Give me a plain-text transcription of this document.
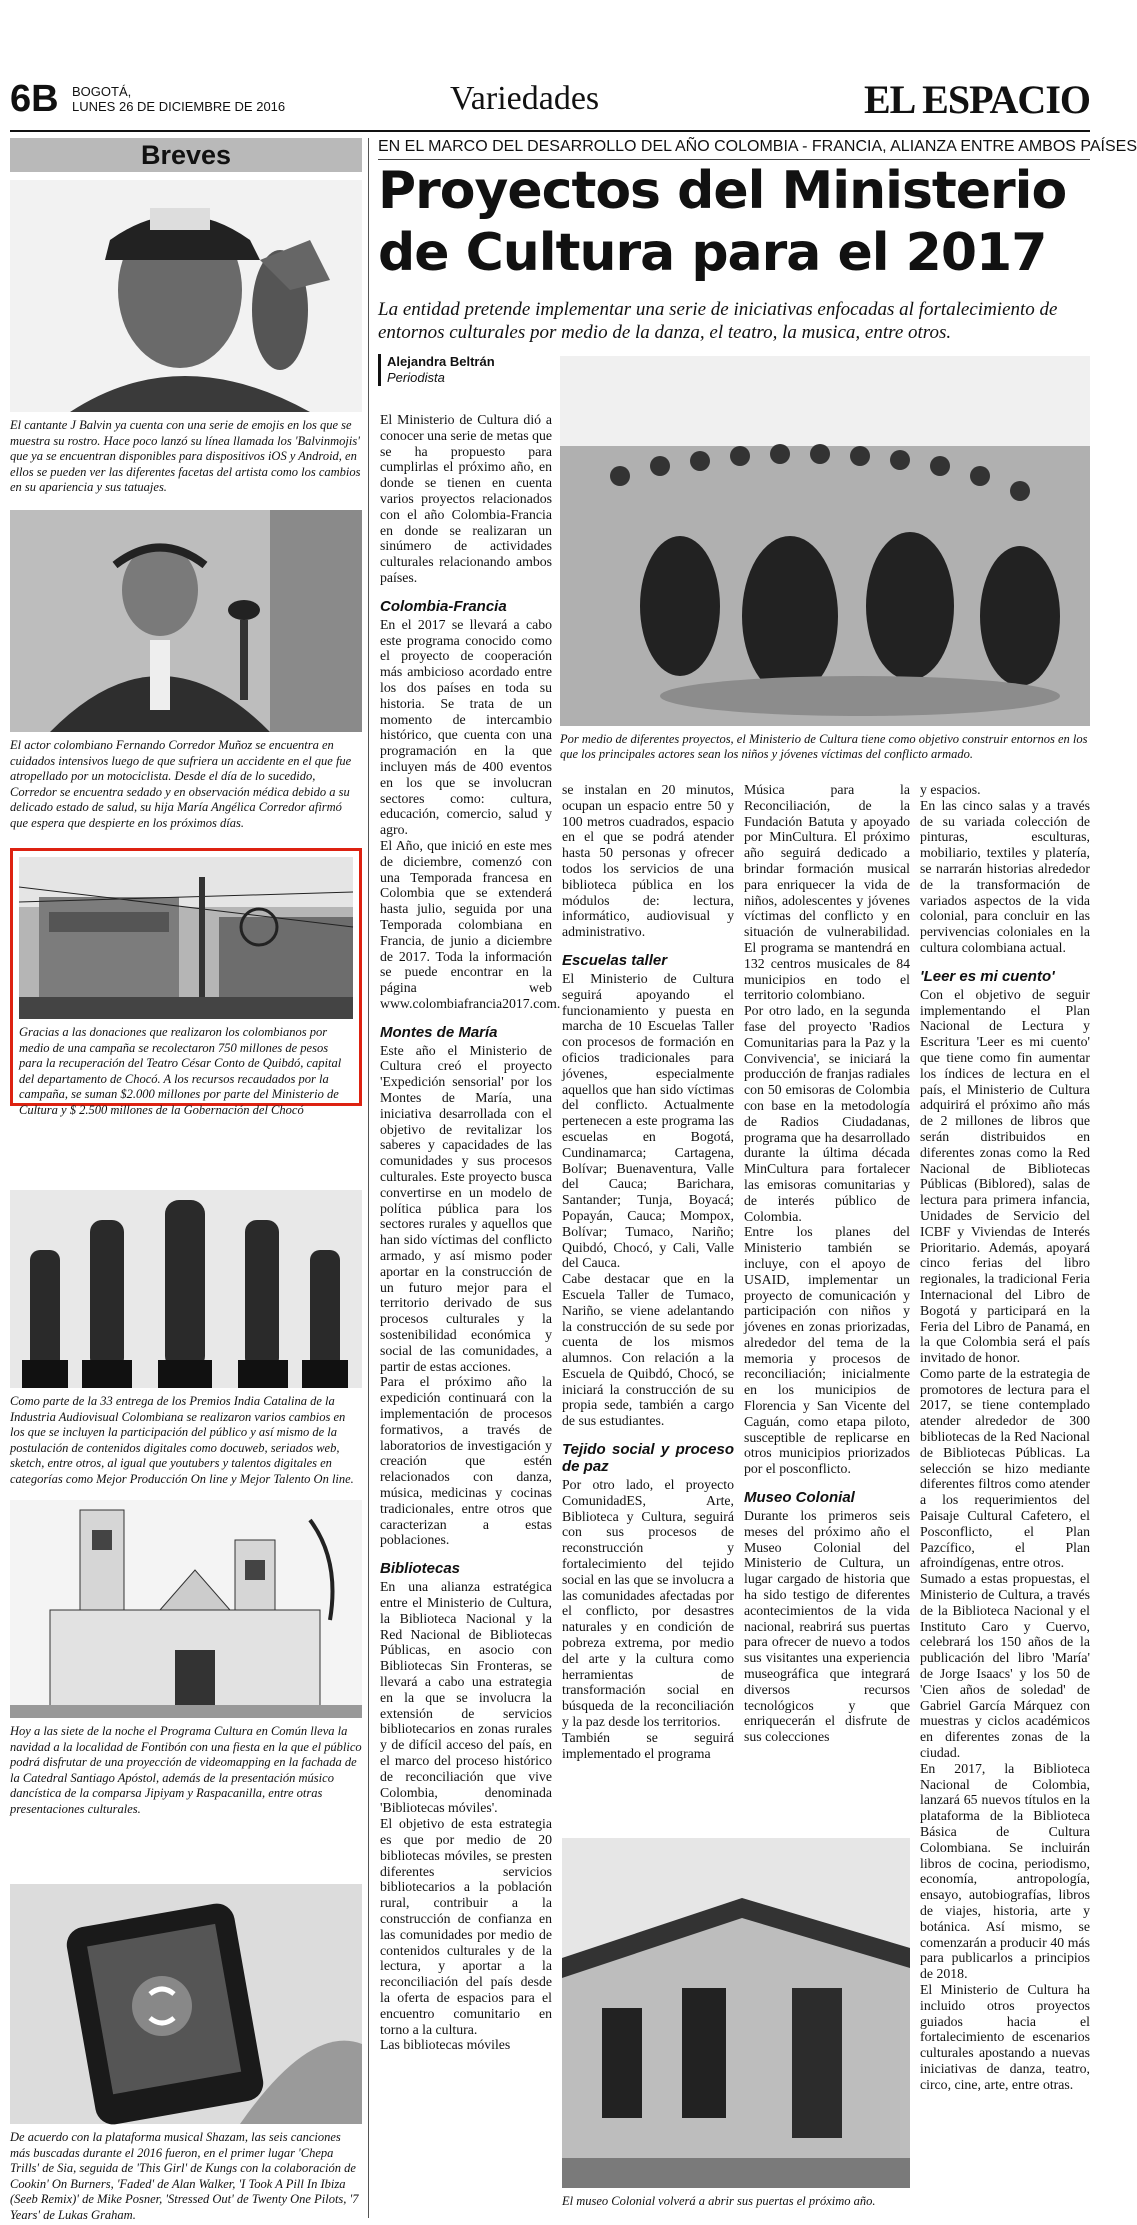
6B BOGOTÁ,
LUNES 26 DE DICIEMBRE DE 2016	Variedades	EL ESPACIO
Breves
El cantante J Balvin ya cuenta con una serie de emojis en los que se muestra su rostro. Hace poco lanzó su línea llamada los 'Balvinmojis' que ya se encuentran disponibles para dispositivos iOS y Android, en ellos se pueden ver las diferentes facetas del artista como los cambios en su apariencia y sus tatuajes.
El actor colombiano Fernando Corredor Muñoz se encuentra en cuidados intensivos luego de que sufriera un accidente en el que fue atropellado por un motociclista. Desde el día de lo sucedido, Corredor se encuentra sedado y en observación médica debido a su delicado estado de salud, su hija María Angélica Corredor afirmó que espera que despierte en los próximos días.
Gracias a las donaciones que realizaron los colombianos por medio de una campaña se recolectaron 750 millones de pesos para la recuperación del Teatro César Conto de Quibdó, capital del departamento de Chocó. A los recursos recaudados por la campaña, se suman $2.000 millones por parte del Ministerio de Cultura y $ 2.500 millones de la Gobernación del Chocó
Como parte de la 33 entrega de los Premios India Catalina de la Industria Audiovisual Colombiana se realizaron varios cambios en los que se incluyen la participación del público y así mismo de la postulación de contenidos digitales como docuweb, seriados web, sketch, entre otros, al igual que youtubers y talentos digitales en categorías como Mejor Producción On line y Mejor Talento On line.
Hoy a las siete de la noche el Programa Cultura en Común lleva la navidad a la localidad de Fontibón con una fiesta en la que el público podrá disfrutar de una proyección de videomapping en la fachada de la Catedral Santiago Apóstol, además de la presentación músico dancística de la comparsa Jipiyam y Raspacanilla, entre otras presentaciones culturales.
De acuerdo con la plataforma musical Shazam, las seis canciones más buscadas durante el 2016 fueron, en el primer lugar 'Chepa Trills' de Sia, seguida de 'This Girl' de Kungs con la colaboración de Cookin' On Burners, 'Faded' de Alan Walker, 'I Took A Pill In Ibiza (Seeb Remix)' de Mike Posner, 'Stressed Out' de Twenty One Pilots, '7 Years' de Lukas Graham.
EN EL MARCO DEL DESARROLLO DEL AÑO COLOMBIA - FRANCIA, ALIANZA ENTRE AMBOS PAÍSES
Proyectos del Ministerio de Cultura para el 2017
La entidad pretende implementar una serie de iniciativas enfocadas al fortalecimiento de entornos culturales por medio de la danza, el teatro, la musica, entre otros.
Alejandra Beltrán
Periodista
Por medio de diferentes proyectos, el Ministerio de Cultura tiene como objetivo construir entornos en los que los principales actores sean los niños y jóvenes víctimas del conflicto armado.

El Ministerio de Cultura dió a conocer una serie de metas que se ha propuesto para cumplirlas el próximo año, en donde se tienen en cuenta varios proyectos relacionados con el año Colombia-Francia en donde se realizaran un sinúmero de actividades culturales relacionando ambos países.

Colombia-Francia

En el 2017 se llevará a cabo este programa conocido como el proyecto de cooperación más ambicioso acordado entre los dos países en toda su historia. Se trata de un momento de intercambio histórico, que cuenta con una programación en la que incluyen más de 400 eventos en los que se involucran sectores como: cultura, educación, comercio, salud y agro.

El Año, que inició en este mes de diciembre, comenzó con una Temporada francesa en Colombia que se extenderá hasta julio, seguida por una Temporada colombiana en Francia, de junio a diciembre de 2017. Toda la información se puede encontrar en la página web www.colombiafrancia2017.com.

Montes de María

Este año el Ministerio de Cultura creó el proyecto 'Expedición sensorial' por los Montes de María, una iniciativa desarrollada con el objetivo de revitalizar los saberes y capacidades de las comunidades y sus procesos culturales. Este proyecto busca convertirse en un modelo de política pública para los sectores rurales y aquellos que han sido víctimas del conflicto armado, y así mismo poder aportar en la construcción de un futuro mejor para el territorio derivado de sus procesos culturales y la sostenibilidad económica y social de las comunidades, a partir de estas acciones.

Para el próximo año la expedición continuará con la implementación de procesos formativos, a través de laboratorios de investigación y creación que estén relacionados con danza, música, medicinas y cocinas tradicionales, entre otros que caracterizan a estas poblaciones.

Bibliotecas

En una alianza estratégica entre el Ministerio de Cultura, la Biblioteca Nacional y la Red Nacional de Bibliotecas Públicas, en asocio con Bibliotecas Sin Fronteras, se llevará a cabo una estrategia en la que se involucra la extensión de servicios bibliotecarios en zonas rurales y de difícil acceso del país, en el marco del proceso histórico de reconciliación que vive Colombia, denominada 'Bibliotecas móviles'.

El objetivo de esta estrategia es que por medio de 20 bibliotecas móviles, se presten diferentes servicios bibliotecarios a la población rural, contribuir a la construcción de confianza en las comunidades por medio de contenidos culturales y de la lectura, y aportar a la reconciliación del país desde la oferta de espacios para el encuentro comunitario en torno a la cultura.

Las bibliotecas móviles

se instalan en 20 minutos, ocupan un espacio entre 50 y 100 metros cuadrados, espacio en el que se podrá atender hasta 50 personas y ofrecer todos los servicios de una biblioteca pública en los módulos de: lectura, informático, audiovisual y administrativo.

Escuelas taller

El Ministerio de Cultura seguirá apoyando el funcionamiento y puesta en marcha de 10 Escuelas Taller con procesos de formación en oficios tradicionales para jóvenes, especialmente aquellos que han sido víctimas del conflicto. Actualmente pertenecen a este programa las escuelas en Bogotá, Cundinamarca; Cartagena, Bolívar; Buenaventura, Valle del Cauca; Barichara, Santander; Tunja, Boyacá; Popayán, Cauca; Mompox, Bolívar; Tumaco, Nariño; Quibdó, Chocó, y Cali, Valle del Cauca.

Cabe destacar que en la Escuela Taller de Tumaco, Nariño, se viene adelantando la construcción de su sede por cuenta de los mismos alumnos. Con relación a la Escuela de Quibdó, Chocó, se iniciará la construcción de su propia sede, también a cargo de sus estudiantes.

Tejido social y proceso de paz

Por otro lado, el proyecto ComunidadES, Arte, Biblioteca y Cultura, seguirá con sus procesos de reconstrucción y fortalecimiento del tejido social en las que se involucra a las comunidades afectadas por el conflicto, por desastres naturales y en condición de pobreza extrema, por medio del arte y la cultura como herramientas de transformación social en búsqueda de la reconciliación y la paz desde los territorios.

También se seguirá implementado el programa

Música para la Reconciliación, de la Fundación Batuta y apoyado por MinCultura. El próximo año seguirá dedicado a brindar formación musical para enriquecer la vida de niños, adolescentes y jóvenes víctimas del conflicto y en situación de vulnerabilidad. El programa se mantendrá en 132 centros musicales de 84 municipios en todo el territorio colombiano.

Por otro lado, en la segunda fase del proyecto 'Radios Comunitarias para la Paz y la Convivencia', se iniciará la producción de franjas radiales con 50 emisoras de Colombia con base en la metodología de Radios Ciudadanas, programa que ha desarrollado durante la última década MinCultura para fortalecer las emisoras comunitarias y de interés público de Colombia.

Entre los planes del Ministerio también se incluye, con el apoyo de USAID, implementar un proyecto de comunicación y participación con niños y jóvenes en zonas priorizadas, alrededor del tema de la memoria y procesos de reconciliación; inicialmente en los municipios de Florencia y San Vicente del Caguán, como etapa piloto, susceptible de replicarse en otros municipios priorizados por el posconflicto.

Museo Colonial

Durante los primeros seis meses del próximo año el Museo Colonial del Ministerio de Cultura, un lugar cargado de historia que ha sido testigo de diferentes acontecimientos de la vida nacional, reabrirá sus puertas para ofrecer de nuevo a todos sus visitantes una experiencia museográfica que integrará diversos recursos tecnológicos y que enriquecerán el disfrute de sus colecciones

y espacios.

En las cinco salas y a través de su variada colección de pinturas, esculturas, mobiliario, textiles y platería, se narrarán historias alrededor de la transformación de variados aspectos de la vida colonial, para concluir en las pervivencias coloniales en la cultura colombiana actual.

'Leer es mi cuento'

Con el objetivo de seguir implementando el Plan Nacional de Lectura y Escritura 'Leer es mi cuento' que tiene como fin aumentar los índices de lectura en el país, el Ministerio de Cultura adquirirá el próximo año más de 2 millones de libros que serán distribuidos en diferentes zonas como la Red Nacional de Bibliotecas Públicas (Biblored), salas de lectura para primera infancia, Unidades de Servicio del ICBF y Viviendas de Interés Prioritario. Además, apoyará cinco ferias del libro regionales, la tradicional Feria Internacional del Libro de Bogotá y participará en la Feria del Libro de Panamá, en la que Colombia será el país invitado de honor.

Como parte de la estrategia de promotores de lectura para el 2017, se tiene contemplado atender alrededor de 300 bibliotecas de la Red Nacional de Bibliotecas Públicas. La selección se hizo mediante diferentes filtros como atender a los requerimientos del Paisaje Cultural Cafetero, el Posconflicto, el Plan Pazcífico, el Plan afroindígenas, entre otros.

Sumado a estas propuestas, el Ministerio de Cultura, a través de la Biblioteca Nacional y el Instituto Caro y Cuervo, celebrará los 150 años de la publicación del libro 'María' de Jorge Isaacs' y los 50 de 'Cien años de soledad' de Gabriel García Márquez con muestras y ciclos académicos en diferentes zonas de la ciudad.

En 2017, la Biblioteca Nacional de Colombia, lanzará 65 nuevos títulos en la plataforma de la Biblioteca Básica de Cultura Colombiana. Se incluirán libros de cocina, periodismo, economía, antropología, ensayo, autobiografías, libros de viajes, historia, arte y botánica. Así mismo, se comenzarán a producir 40 más para publicarlos a principios de 2018.

El Ministerio de Cultura ha incluido otros proyectos guiados hacia el fortalecimiento de escenarios culturales apostando a nuevas iniciativas de danza, teatro, circo, cine, arte, entre otras.

El museo Colonial volverá a abrir sus puertas el próximo año.
